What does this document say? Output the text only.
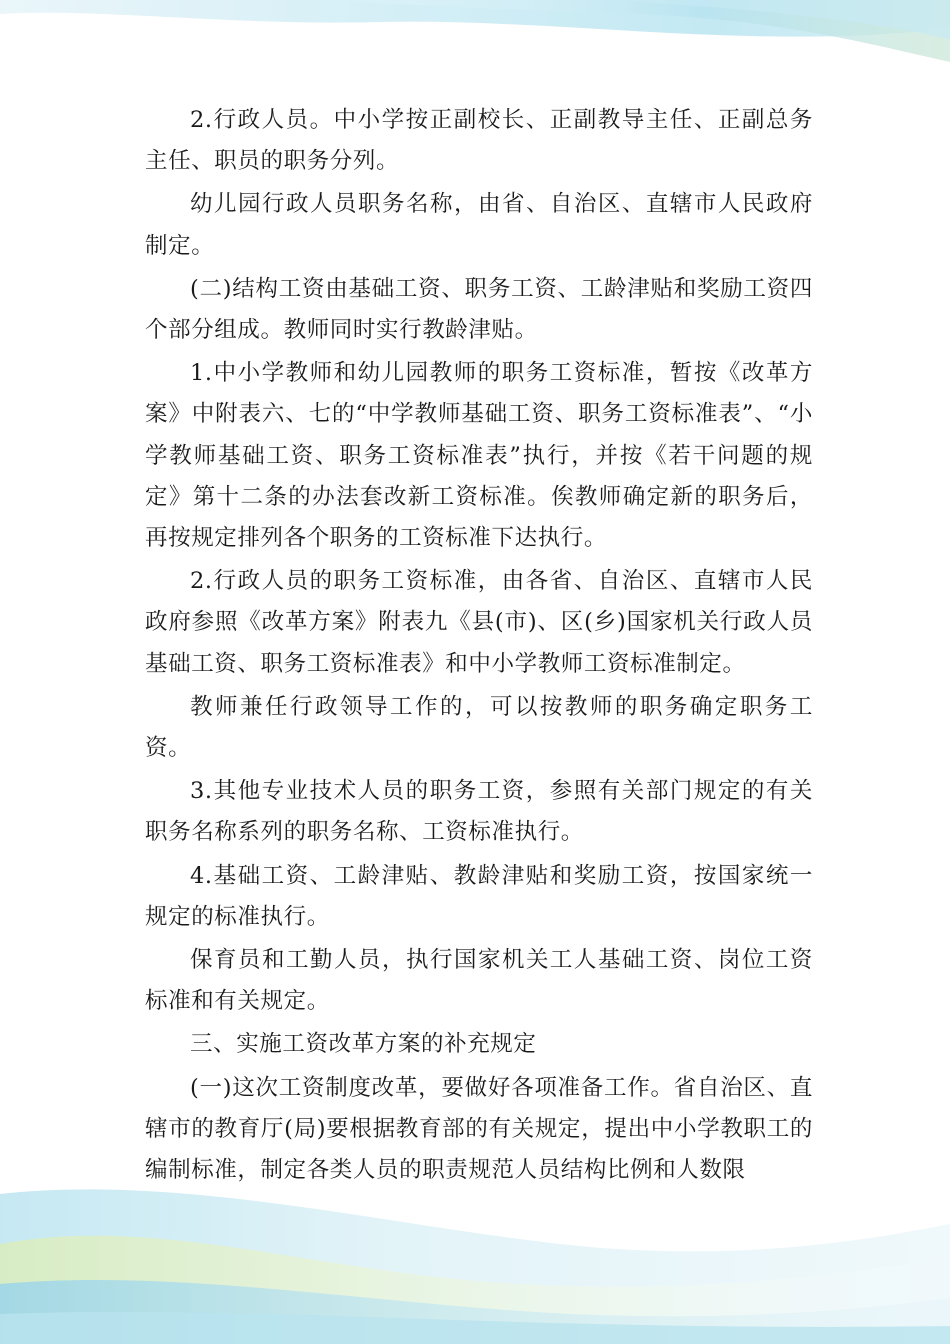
2.行政人员。中小学按正副校长、正副教导主任、正副总务主任、职员的职务分列。

幼儿园行政人员职务名称，由省、自治区、直辖市人民政府制定。

(二)结构工资由基础工资、职务工资、工龄津贴和奖励工资四个部分组成。教师同时实行教龄津贴。

1.中小学教师和幼儿园教师的职务工资标准，暂按《改革方案》中附表六、七的“中学教师基础工资、职务工资标准表”、“小学教师基础工资、职务工资标准表”执行，并按《若干问题的规定》第十二条的办法套改新工资标准。俟教师确定新的职务后，再按规定排列各个职务的工资标准下达执行。

2.行政人员的职务工资标准，由各省、自治区、直辖市人民政府参照《改革方案》附表九《县(市)、区(乡)国家机关行政人员基础工资、职务工资标准表》和中小学教师工资标准制定。

教师兼任行政领导工作的，可以按教师的职务确定职务工资。

3.其他专业技术人员的职务工资，参照有关部门规定的有关职务名称系列的职务名称、工资标准执行。

4.基础工资、工龄津贴、教龄津贴和奖励工资，按国家统一规定的标准执行。

保育员和工勤人员，执行国家机关工人基础工资、岗位工资标准和有关规定。

三、实施工资改革方案的补充规定

(一)这次工资制度改革，要做好各项准备工作。省自治区、直辖市的教育厅(局)要根据教育部的有关规定，提出中小学教职工的编制标准，制定各类人员的职责规范人员结构比例和人数限
